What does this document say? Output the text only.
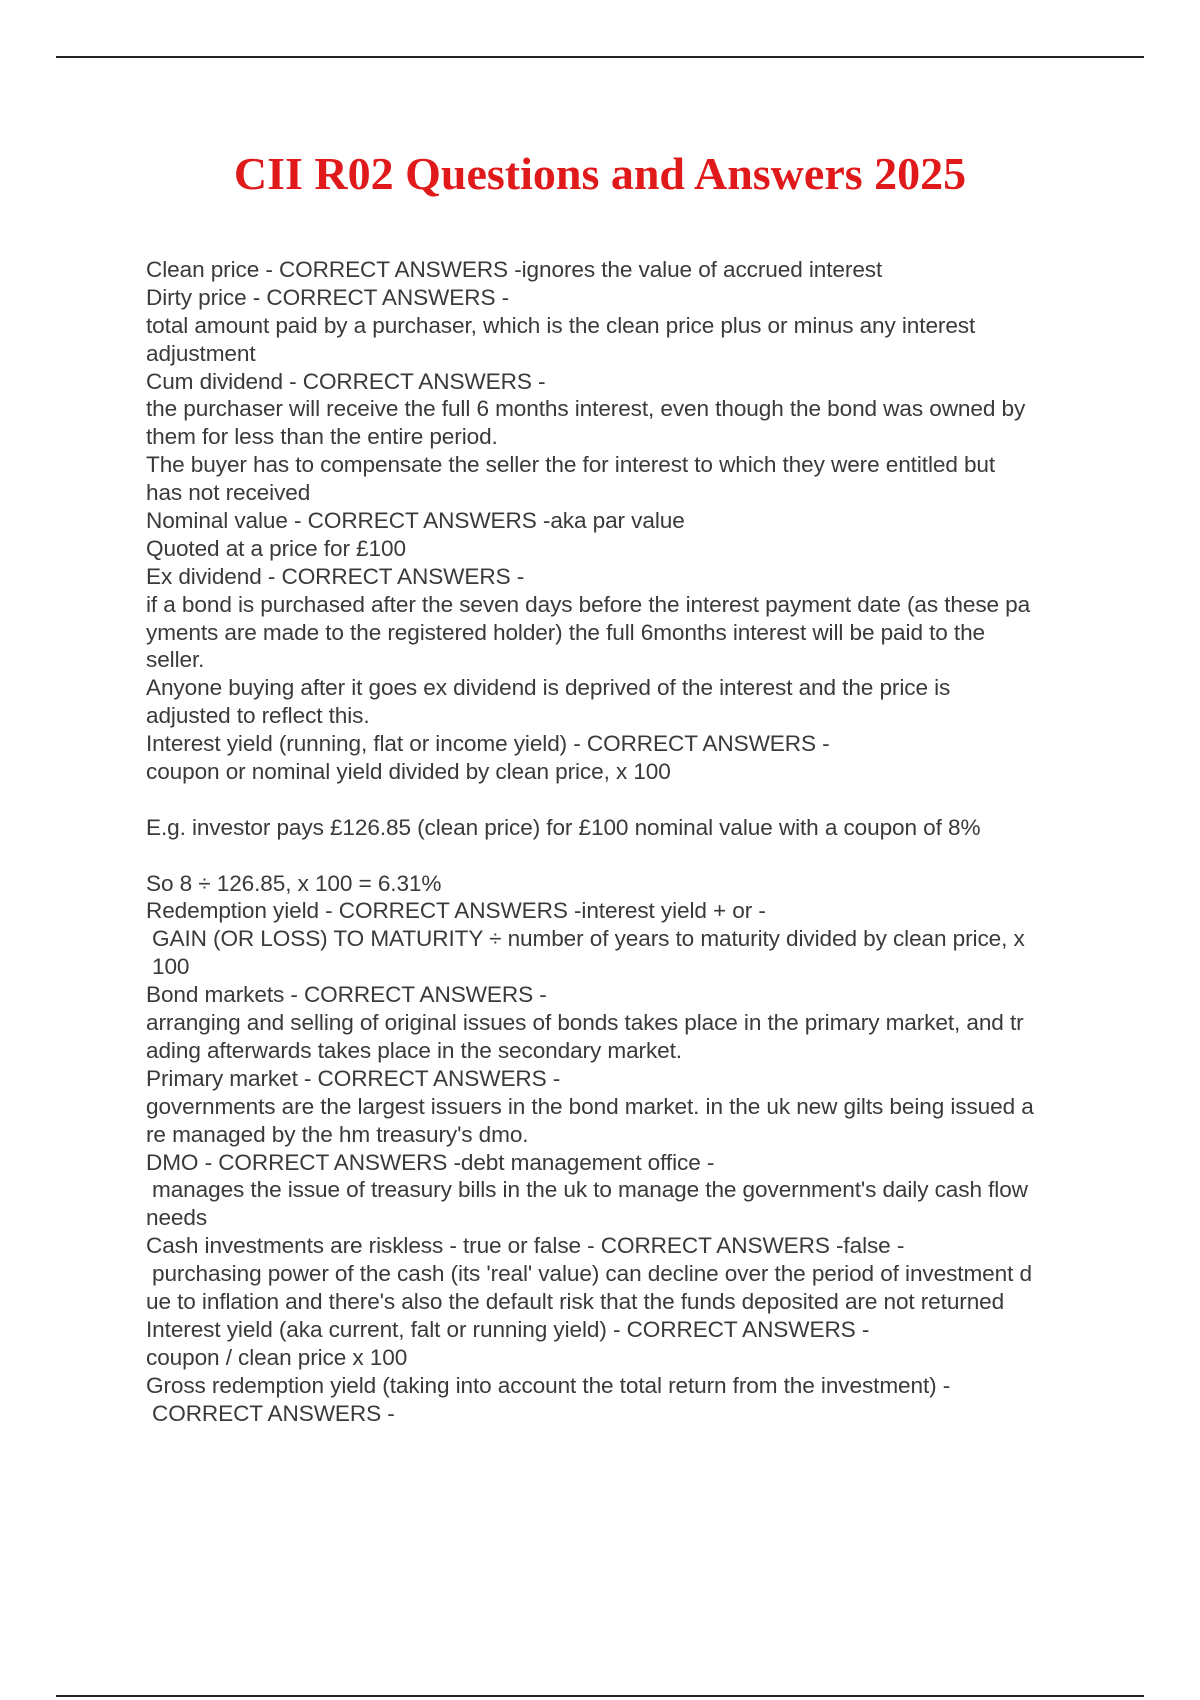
CII R02 Questions and Answers 2025
Clean price - CORRECT ANSWERS -ignores the value of accrued interest
Dirty price - CORRECT ANSWERS -
total amount paid by a purchaser, which is the clean price plus or minus any interest
adjustment
Cum dividend - CORRECT ANSWERS -
the purchaser will receive the full 6 months interest, even though the bond was owned by
them for less than the entire period.
The buyer has to compensate the seller the for interest to which they were entitled but
has not received
Nominal value - CORRECT ANSWERS -aka par value
Quoted at a price for £100
Ex dividend - CORRECT ANSWERS -
if a bond is purchased after the seven days before the interest payment date (as these pa
yments are made to the registered holder) the full 6months interest will be paid to the
seller.
Anyone buying after it goes ex dividend is deprived of the interest and the price is
adjusted to reflect this.
Interest yield (running, flat or income yield) - CORRECT ANSWERS -
coupon or nominal yield divided by clean price, x 100
E.g. investor pays £126.85 (clean price) for £100 nominal value with a coupon of 8%
So 8 ÷ 126.85, x 100 = 6.31%
Redemption yield - CORRECT ANSWERS -interest yield + or -
GAIN (OR LOSS) TO MATURITY ÷ number of years to maturity divided by clean price, x
100
Bond markets - CORRECT ANSWERS -
arranging and selling of original issues of bonds takes place in the primary market, and tr
ading afterwards takes place in the secondary market.
Primary market - CORRECT ANSWERS -
governments are the largest issuers in the bond market. in the uk new gilts being issued a
re managed by the hm treasury's dmo.
DMO - CORRECT ANSWERS -debt management office -
manages the issue of treasury bills in the uk to manage the government's daily cash flow
needs
Cash investments are riskless - true or false - CORRECT ANSWERS -false -
purchasing power of the cash (its 'real' value) can decline over the period of investment d
ue to inflation and there's also the default risk that the funds deposited are not returned
Interest yield (aka current, falt or running yield) - CORRECT ANSWERS -
coupon / clean price x 100
Gross redemption yield (taking into account the total return from the investment) -
CORRECT ANSWERS -
